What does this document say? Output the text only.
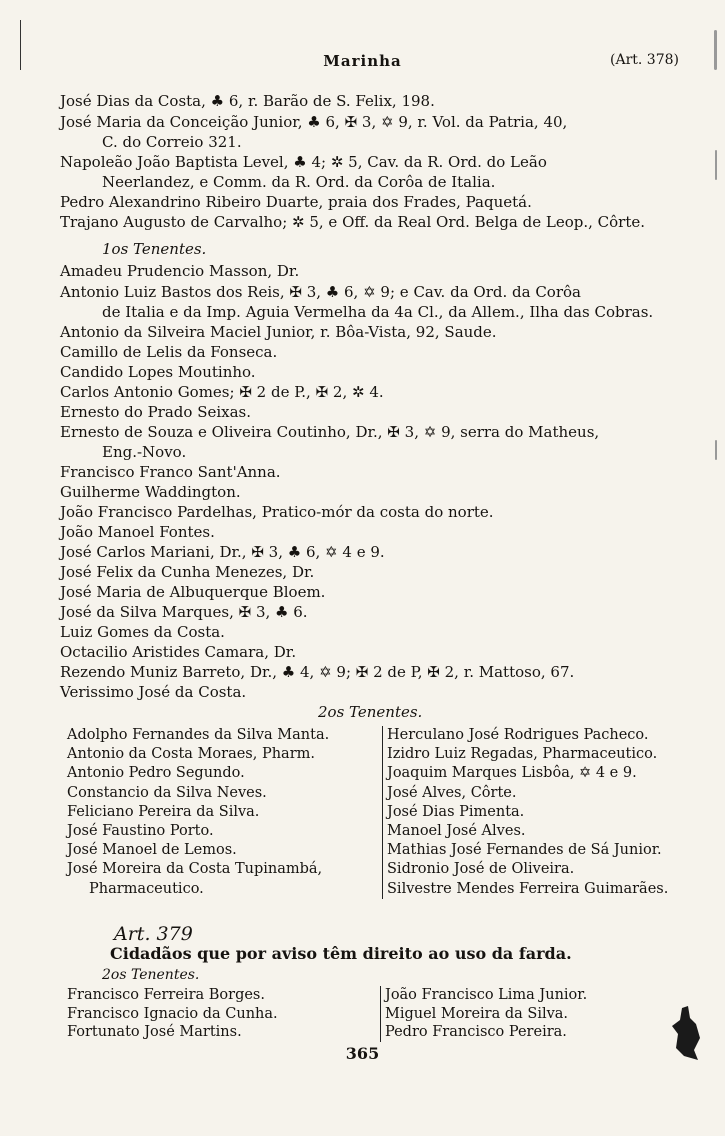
Marinha	(Art. 378)
José Dias da Costa, ♣ 6, r. Barão de S. Felix, 198.
José Maria da Conceição Junior, ♣ 6, ✠ 3, ✡ 9, r. Vol. da Patria, 40,
C. do Correio 321.
Napoleão João Baptista Level, ♣ 4; ✲ 5, Cav. da R. Ord. do Leão
Neerlandez, e Comm. da R. Ord. da Corôa de Italia.
Pedro Alexandrino Ribeiro Duarte, praia dos Frades, Paquetá.
Trajano Augusto de Carvalho; ✲ 5, e Off. da Real Ord. Belga de Leop., Côrte.
1os Tenentes.
Amadeu Prudencio Masson, Dr.
Antonio Luiz Bastos dos Reis, ✠ 3, ♣ 6, ✡ 9; e Cav. da Ord. da Corôa
de Italia e da Imp. Aguia Vermelha da 4a Cl., da Allem., Ilha das Cobras.
Antonio da Silveira Maciel Junior, r. Bôa-Vista, 92, Saude.
Camillo de Lelis da Fonseca.
Candido Lopes Moutinho.
Carlos Antonio Gomes; ✠ 2 de P., ✠ 2, ✲ 4.
Ernesto do Prado Seixas.
Ernesto de Souza e Oliveira Coutinho, Dr., ✠ 3, ✡ 9, serra do Matheus,
Eng.-Novo.
Francisco Franco Sant'Anna.
Guilherme Waddington.
João Francisco Pardelhas, Pratico-mór da costa do norte.
João Manoel Fontes.
José Carlos Mariani, Dr., ✠ 3, ♣ 6, ✡ 4 e 9.
José Felix da Cunha Menezes, Dr.
José Maria de Albuquerque Bloem.
José da Silva Marques, ✠ 3, ♣ 6.
Luiz Gomes da Costa.
Octacilio Aristides Camara, Dr.
Rezendo Muniz Barreto, Dr., ♣ 4, ✡ 9; ✠ 2 de P, ✠ 2, r. Mattoso, 67.
Verissimo José da Costa.
2os Tenentes.
Adolpho Fernandes da Silva Manta.
Antonio da Costa Moraes, Pharm.
Antonio Pedro Segundo.
Constancio da Silva Neves.
Feliciano Pereira da Silva.
José Faustino Porto.
José Manoel de Lemos.
José Moreira da Costa Tupinambá,
Pharmaceutico.
Herculano José Rodrigues Pacheco.
Izidro Luiz Regadas, Pharmaceutico.
Joaquim Marques Lisbôa, ✡ 4 e 9.
José Alves, Côrte.
José Dias Pimenta.
Manoel José Alves.
Mathias José Fernandes de Sá Junior.
Sidronio José de Oliveira.
Silvestre Mendes Ferreira Guimarães.
Art. 379
Cidadãos que por aviso têm direito ao uso da farda.
2os Tenentes.
Francisco Ferreira Borges.
Francisco Ignacio da Cunha.
Fortunato José Martins.
João Francisco Lima Junior.
Miguel Moreira da Silva.
Pedro Francisco Pereira.
365
